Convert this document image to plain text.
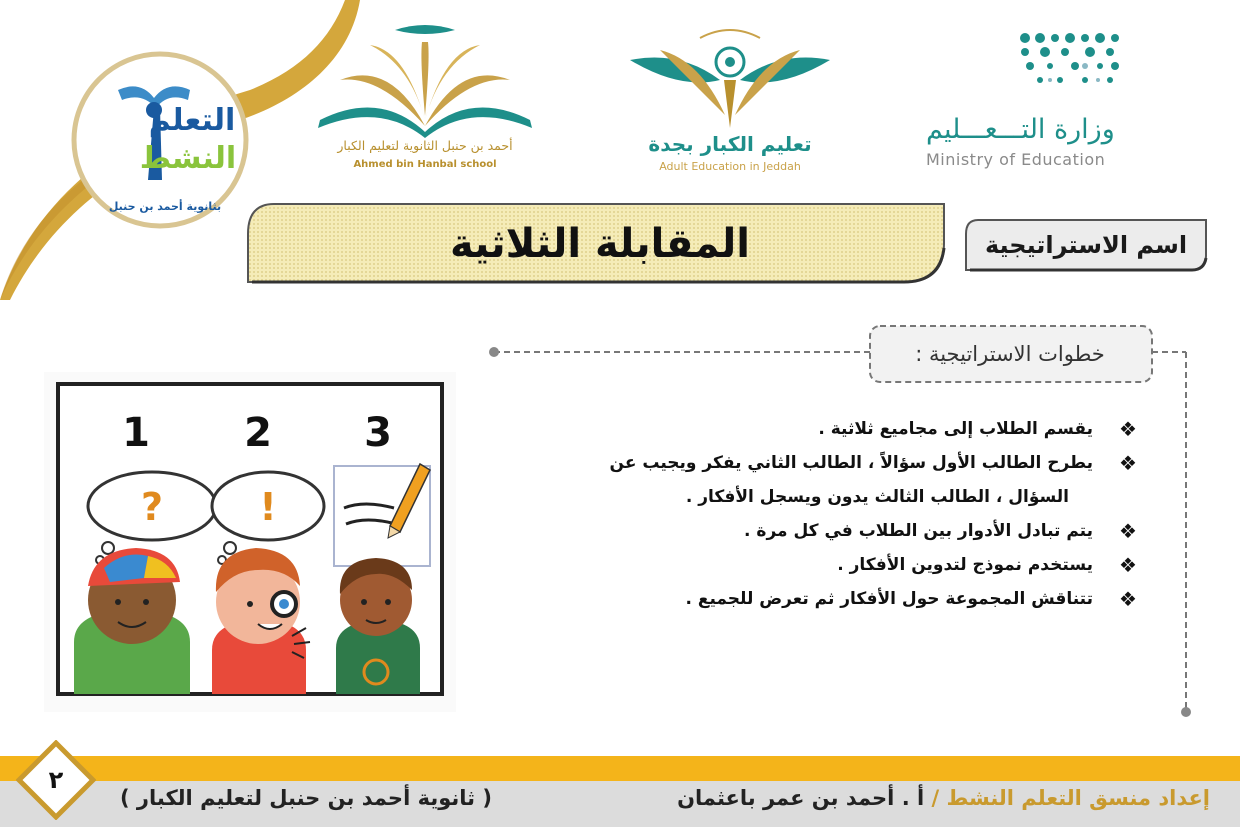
التعلم
النشط
بثانوية أحمد بن حنبل
أحمد بن حنبل الثانوية لتعليم الكبار
Ahmed bin Hanbal school
تعليم الكبار بجدة
Adult Education in Jeddah
وزارة التـــعـــليم
Ministry of Education
المقابلة الثلاثية	اسم الاستراتيجية
خطوات الاستراتيجية :
❖
يقسم الطلاب إلى مجاميع ثلاثية .
❖
يطرح الطالب الأول سؤالاً ، الطالب الثاني يفكر ويجيب عن
السؤال ، الطالب الثالث يدون ويسجل الأفكار .
❖
يتم تبادل الأدوار بين الطلاب في كل مرة .
❖
يستخدم نموذج لتدوين الأفكار .
❖
تتناقش المجموعة حول الأفكار ثم تعرض للجميع .
1 2 3
?	!
إعداد منسق التعلم النشط / أ . أحمد بن عمر باعثمان
( ثانوية أحمد بن حنبل لتعليم الكبار )
٢
